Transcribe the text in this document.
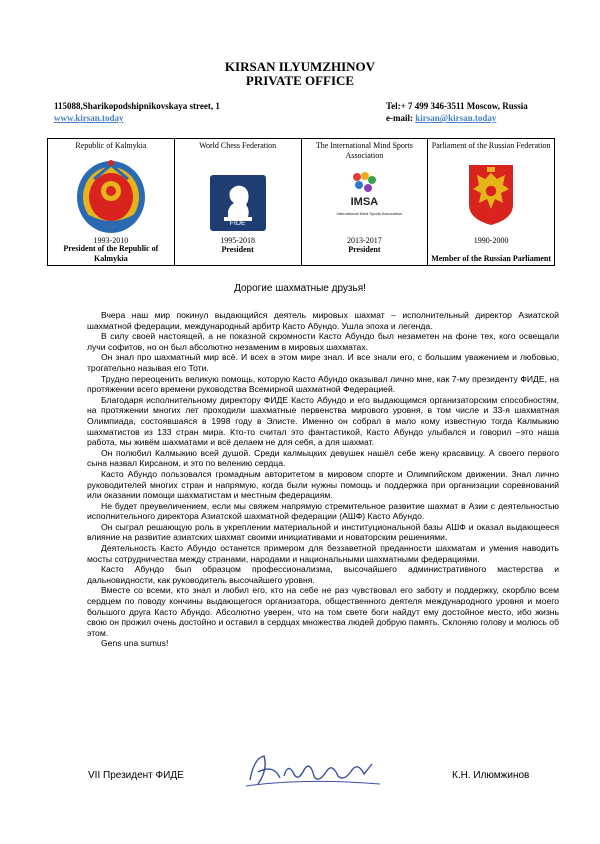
KIRSAN ILYUMZHINOV
PRIVATE OFFICE
115088,Sharikopodshipnikovskaya street, 1
www.kirsan.today
Tel:+ 7 499 346-3511 Moscow, Russia
e-mail: kirsan@kirsan.today
Republic of Kalmykia
1993-2010
President of the Republic of Kalmykia

World Chess Federation
FIDE
1995-2018
President

The International Mind Sports Association
IMSA
International Mind Sports Association
2013-2017
President

Parliament of the Russian Federation
1990-2000
Member of the Russian Parliament
Дорогие шахматные друзья!

Вчера наш мир покинул выдающийся деятель мировых шахмат – исполнительный директор Азиатской шахматной федерации, международный арбитр Касто Абундо. Ушла эпоха и легенда.

В силу своей настоящей, а не показной скромности Касто Абундо был незаметен на фоне тех, кого освещали лучи софитов, но он был абсолютно незаменим в мировых шахматах.

Он знал про шахматный мир всё. И всех в этом мире знал. И все знали его, с большим уважением и любовью, трогательно называя его Тоти.

Трудно переоценить великую помощь, которую Касто Абундо оказывал лично мне, как 7-му президенту ФИДЕ, на протяжении всего времени руководства Всемирной шахматной Федерацией.

Благодаря исполнительному директору ФИДЕ Касто Абундо и его выдающимся организаторским способностям, на протяжении многих лет проходили шахматные первенства мирового уровня, в том числе и 33-я шахматная Олимпиада, состоявшаяся в 1998 году в Элисте. Именно он собрал в мало кому известную тогда Калмыкию шахматистов из 133 стран мира. Кто-то считал это фантастикой, Касто Абундо улыбался и говорил –это наша работа, мы живём шахматами и всё делаем не для себя, а для шахмат.

Он полюбил Калмыкию всей душой. Среди калмыцких девушек нашёл себе жену красавицу. А своего первого сына назвал Кирсаном, и это по велению сердца.

Касто Абундо пользовался громадным авторитетом в мировом спорте и Олимпийском движении. Знал лично руководителей многих стран и напрямую, когда были нужны помощь и поддержка при организации соревнований или оказании помощи шахматистам и местным федерациям.

Не будет преувеличением, если мы свяжем напрямую стремительное развитие шахмат в Азии с деятельностью исполнительного директора Азиатской шахматной федерации (АШФ) Касто Абундо.

Он сыграл решающую роль в укреплении материальной и институциональной базы АШФ и оказал выдающееся влияние на развитие азиатских шахмат своими инициативами и новаторским решениями.

Деятельность Касто Абундо останется примером для беззаветной преданности шахматам и умения наводить мосты сотрудничества между странами, народами и национальными шахматными федерациями.

Касто Абундо был образцом профессионализма, высочайшего административного мастерства и дальновидности, как руководитель высочайшего уровня.

Вместе со всеми, кто знал и любил его, кто на себе не раз чувствовал его заботу и поддержку, скорблю всем сердцем по поводу кончины выдающегося организатора, общественного деятеля международного уровня и моего большого друга Касто Абундо. Абсолютно уверен, что на том свете боги найдут ему достойное место, ибо жизнь свою он прожил очень достойно и оставил в сердцах множества людей добрую память. Склоняю голову и молюсь об этом.

Gens una sumus!

VII Президент ФИДЕ	К.Н. Илюмжинов
